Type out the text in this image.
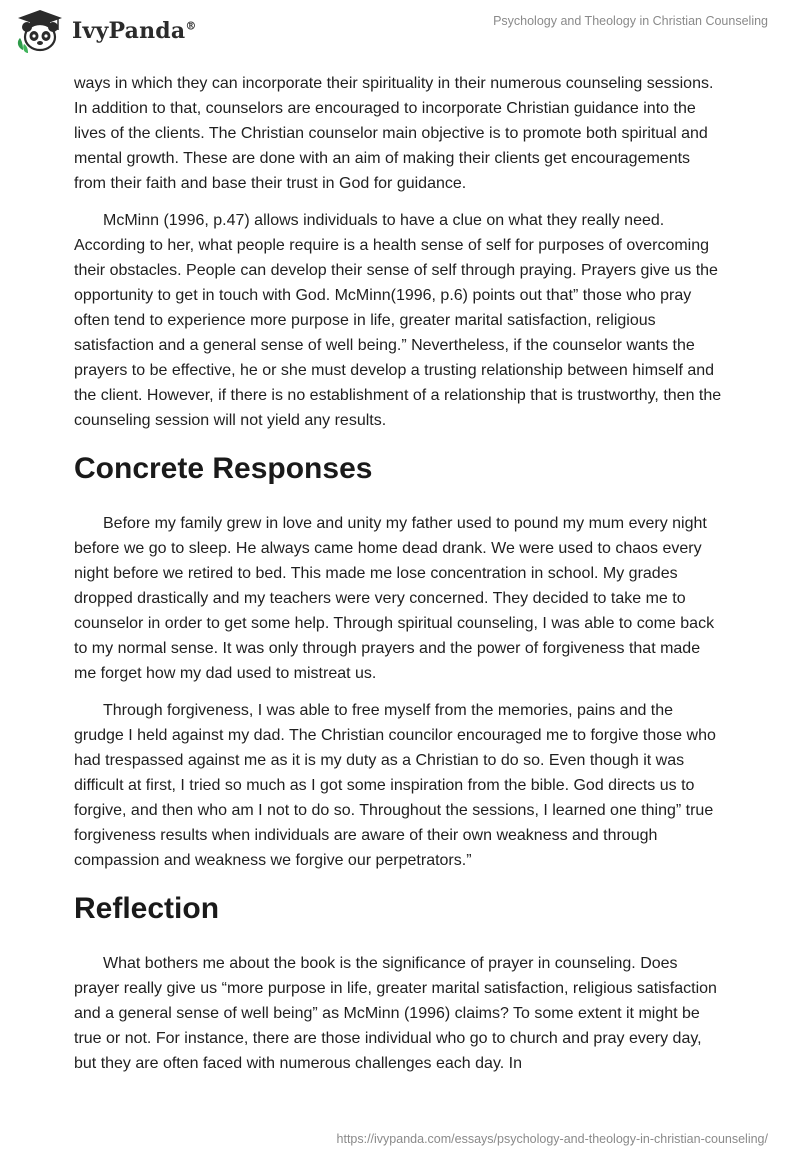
IvyPanda®	Psychology and Theology in Christian Counseling

ways in which they can incorporate their spirituality in their numerous counseling sessions. In addition to that, counselors are encouraged to incorporate Christian guidance into the lives of the clients. The Christian counselor main objective is to promote both spiritual and mental growth. These are done with an aim of making their clients get encouragements from their faith and base their trust in God for guidance.

McMinn (1996, p.47) allows individuals to have a clue on what they really need. According to her, what people require is a health sense of self for purposes of overcoming their obstacles. People can develop their sense of self through praying. Prayers give us the opportunity to get in touch with God. McMinn(1996, p.6) points out that” those who pray often tend to experience more purpose in life, greater marital satisfaction, religious satisfaction and a general sense of well being.” Nevertheless, if the counselor wants the prayers to be effective, he or she must develop a trusting relationship between himself and the client. However, if there is no establishment of a relationship that is trustworthy, then the counseling session will not yield any results.

Concrete Responses

Before my family grew in love and unity my father used to pound my mum every night before we go to sleep. He always came home dead drank. We were used to chaos every night before we retired to bed. This made me lose concentration in school. My grades dropped drastically and my teachers were very concerned. They decided to take me to counselor in order to get some help. Through spiritual counseling, I was able to come back to my normal sense. It was only through prayers and the power of forgiveness that made me forget how my dad used to mistreat us.

Through forgiveness, I was able to free myself from the memories, pains and the grudge I held against my dad. The Christian councilor encouraged me to forgive those who had trespassed against me as it is my duty as a Christian to do so. Even though it was difficult at first, I tried so much as I got some inspiration from the bible. God directs us to forgive, and then who am I not to do so. Throughout the sessions, I learned one thing” true forgiveness results when individuals are aware of their own weakness and through compassion and weakness we forgive our perpetrators.”

Reflection

What bothers me about the book is the significance of prayer in counseling. Does prayer really give us “more purpose in life, greater marital satisfaction, religious satisfaction and a general sense of well being” as McMinn (1996) claims? To some extent it might be true or not. For instance, there are those individual who go to church and pray every day, but they are often faced with numerous challenges each day. In

https://ivypanda.com/essays/psychology-and-theology-in-christian-counseling/
